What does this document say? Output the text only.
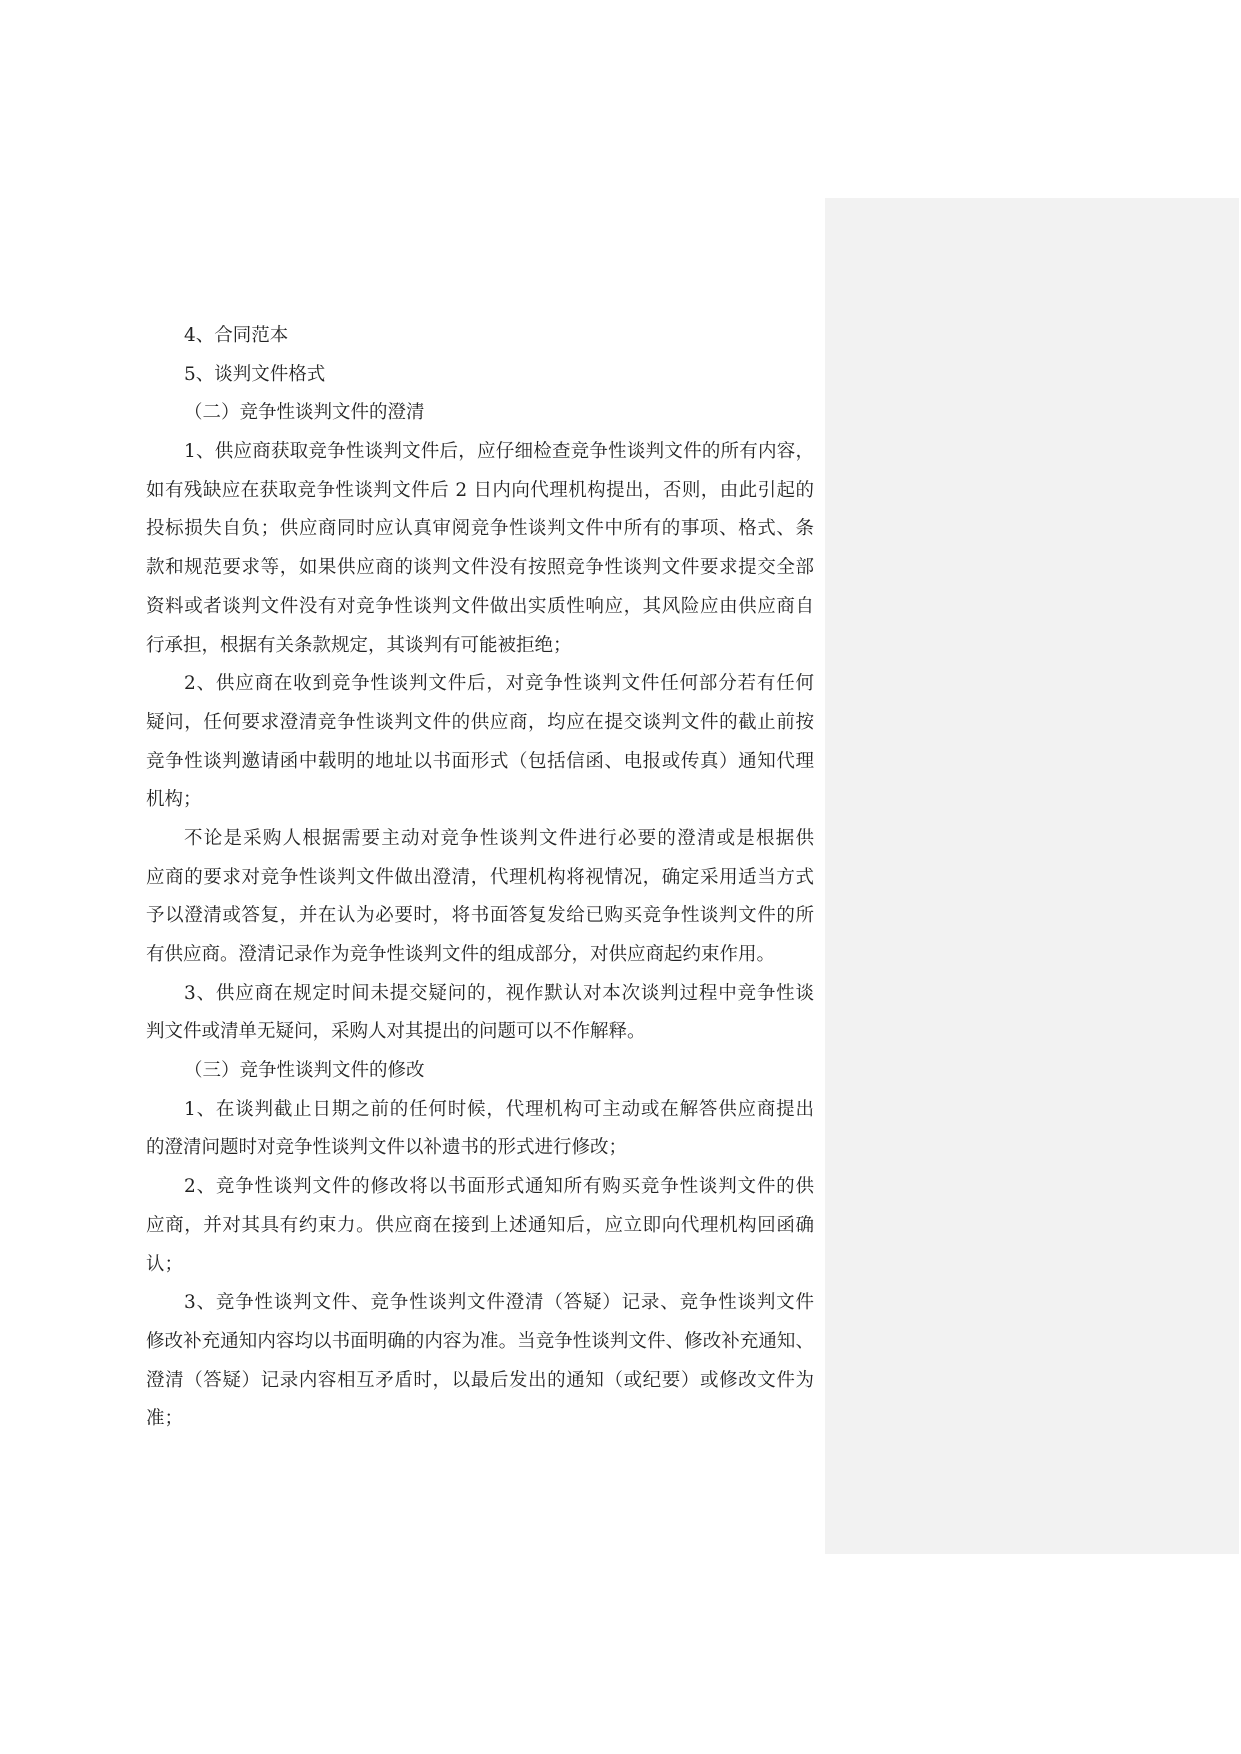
4、合同范本
5、谈判文件格式
（二）竞争性谈判文件的澄清
1、供应商获取竞争性谈判文件后，应仔细检查竞争性谈判文件的所有内容，
如有残缺应在获取竞争性谈判文件后 2 日内向代理机构提出，否则，由此引起的
投标损失自负；供应商同时应认真审阅竞争性谈判文件中所有的事项、格式、条
款和规范要求等，如果供应商的谈判文件没有按照竞争性谈判文件要求提交全部
资料或者谈判文件没有对竞争性谈判文件做出实质性响应，其风险应由供应商自
行承担，根据有关条款规定，其谈判有可能被拒绝；
2、供应商在收到竞争性谈判文件后，对竞争性谈判文件任何部分若有任何
疑问，任何要求澄清竞争性谈判文件的供应商，均应在提交谈判文件的截止前按
竞争性谈判邀请函中载明的地址以书面形式（包括信函、电报或传真）通知代理
机构；
不论是采购人根据需要主动对竞争性谈判文件进行必要的澄清或是根据供
应商的要求对竞争性谈判文件做出澄清，代理机构将视情况，确定采用适当方式
予以澄清或答复，并在认为必要时，将书面答复发给已购买竞争性谈判文件的所
有供应商。澄清记录作为竞争性谈判文件的组成部分，对供应商起约束作用。
3、供应商在规定时间未提交疑问的，视作默认对本次谈判过程中竞争性谈
判文件或清单无疑问，采购人对其提出的问题可以不作解释。
（三）竞争性谈判文件的修改
1、在谈判截止日期之前的任何时候，代理机构可主动或在解答供应商提出
的澄清问题时对竞争性谈判文件以补遗书的形式进行修改；
2、竞争性谈判文件的修改将以书面形式通知所有购买竞争性谈判文件的供
应商，并对其具有约束力。供应商在接到上述通知后，应立即向代理机构回函确
认；
3、竞争性谈判文件、竞争性谈判文件澄清（答疑）记录、竞争性谈判文件
修改补充通知内容均以书面明确的内容为准。当竞争性谈判文件、修改补充通知、
澄清（答疑）记录内容相互矛盾时，以最后发出的通知（或纪要）或修改文件为
准；
